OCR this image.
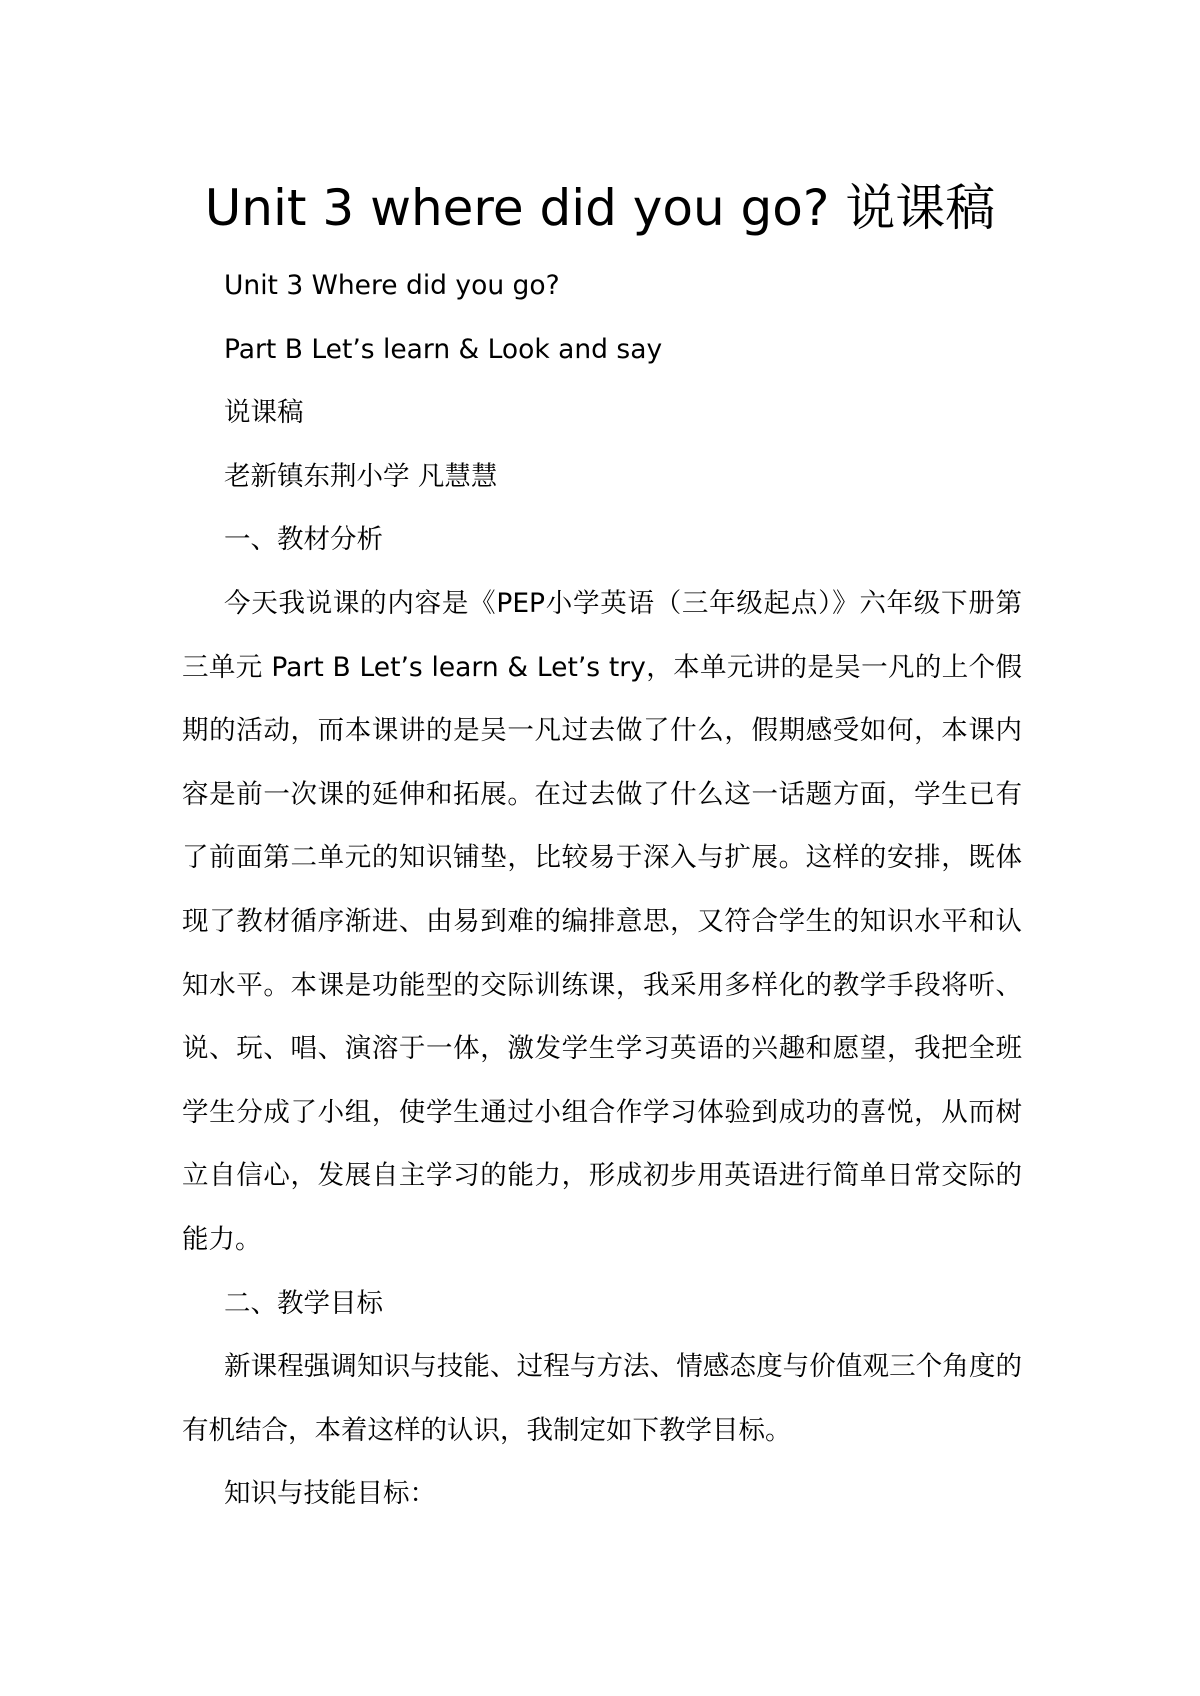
Unit 3 where did you go? 说课稿

Unit 3 Where did you go?

Part B Let’s learn & Look and say

说课稿

老新镇东荆小学 凡慧慧

一、教材分析

今天我说课的内容是《PEP小学英语（三年级起点）》六年级下册第三单元 Part B Let’s learn & Let’s try，本单元讲的是吴一凡的上个假期的活动，而本课讲的是吴一凡过去做了什么，假期感受如何，本课内容是前一次课的延伸和拓展。在过去做了什么这一话题方面，学生已有了前面第二单元的知识铺垫，比较易于深入与扩展。这样的安排，既体现了教材循序渐进、由易到难的编排意思，又符合学生的知识水平和认知水平。本课是功能型的交际训练课，我采用多样化的教学手段将听、说、玩、唱、演溶于一体，激发学生学习英语的兴趣和愿望，我把全班学生分成了小组，使学生通过小组合作学习体验到成功的喜悦，从而树立自信心，发展自主学习的能力，形成初步用英语进行简单日常交际的能力。

二、教学目标

新课程强调知识与技能、过程与方法、情感态度与价值观三个角度的有机结合，本着这样的认识，我制定如下教学目标。

知识与技能目标：
